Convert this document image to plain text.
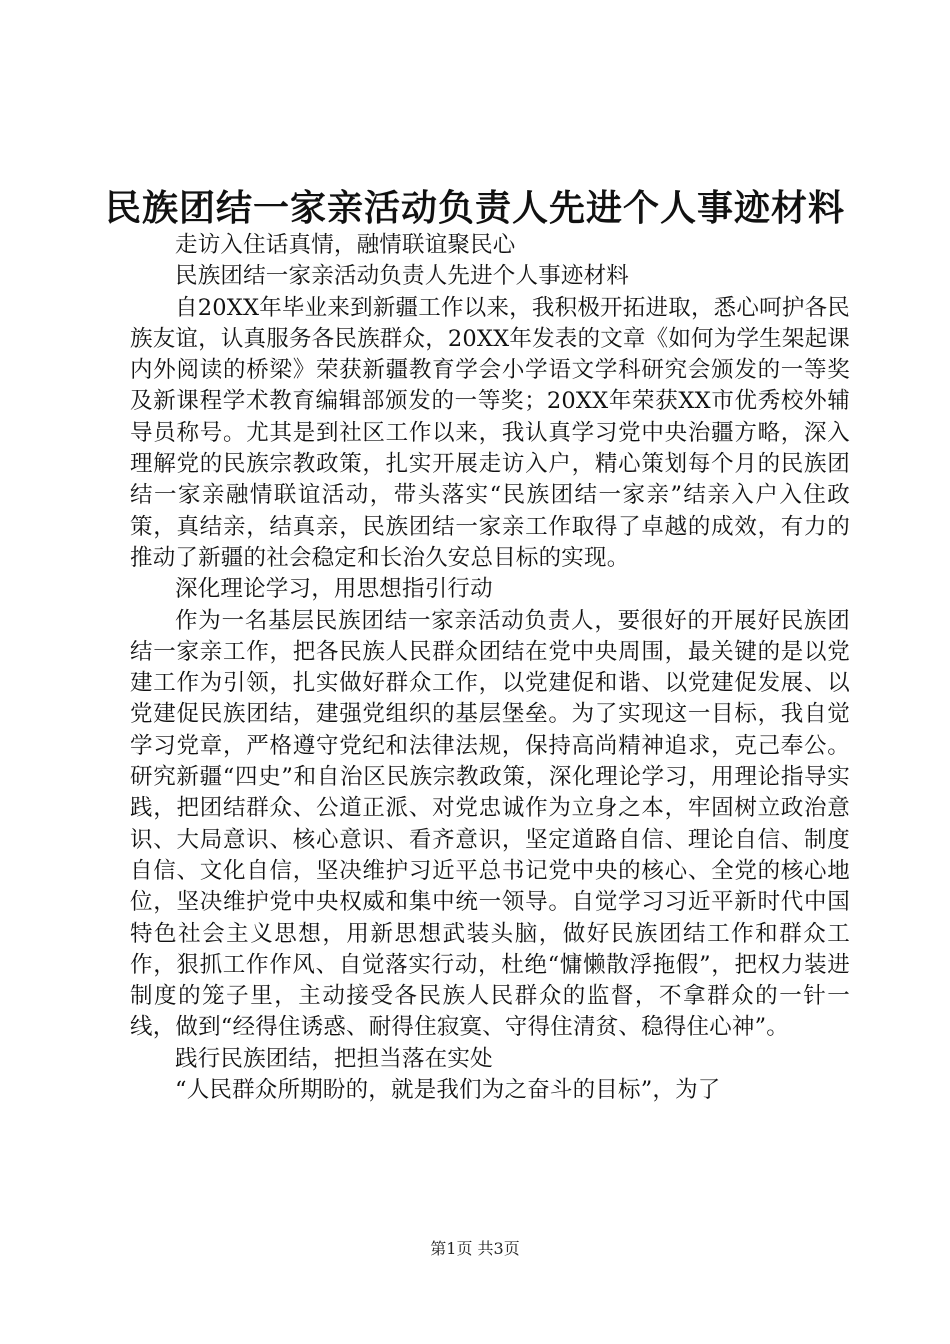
民族团结一家亲活动负责人先进个人事迹材料

走访入住话真情，融情联谊聚民心

民族团结一家亲活动负责人先进个人事迹材料

自20XX年毕业来到新疆工作以来，我积极开拓进取，悉心呵护各民族友谊，认真服务各民族群众，20XX年发表的文章《如何为学生架起课内外阅读的桥梁》荣获新疆教育学会小学语文学科研究会颁发的一等奖及新课程学术教育编辑部颁发的一等奖；20XX年荣获XX市优秀校外辅导员称号。尤其是到社区工作以来，我认真学习党中央治疆方略，深入理解党的民族宗教政策，扎实开展走访入户，精心策划每个月的民族团结一家亲融情联谊活动，带头落实“民族团结一家亲”结亲入户入住政策，真结亲，结真亲，民族团结一家亲工作取得了卓越的成效，有力的推动了新疆的社会稳定和长治久安总目标的实现。

深化理论学习，用思想指引行动

作为一名基层民族团结一家亲活动负责人，要很好的开展好民族团结一家亲工作，把各民族人民群众团结在党中央周围，最关键的是以党建工作为引领，扎实做好群众工作，以党建促和谐、以党建促发展、以党建促民族团结，建强党组织的基层堡垒。为了实现这一目标，我自觉学习党章，严格遵守党纪和法律法规，保持高尚精神追求，克己奉公。研究新疆“四史”和自治区民族宗教政策，深化理论学习，用理论指导实践，把团结群众、公道正派、对党忠诚作为立身之本，牢固树立政治意识、大局意识、核心意识、看齐意识，坚定道路自信、理论自信、制度自信、文化自信，坚决维护习近平总书记党中央的核心、全党的核心地位，坚决维护党中央权威和集中统一领导。自觉学习习近平新时代中国特色社会主义思想，用新思想武装头脑，做好民族团结工作和群众工作，狠抓工作作风、自觉落实行动，杜绝“慵懒散浮拖假”，把权力装进制度的笼子里，主动接受各民族人民群众的监督，不拿群众的一针一线，做到“经得住诱惑、耐得住寂寞、守得住清贫、稳得住心神”。

践行民族团结，把担当落在实处

“人民群众所期盼的，就是我们为之奋斗的目标”，为了

第1页 共3页
